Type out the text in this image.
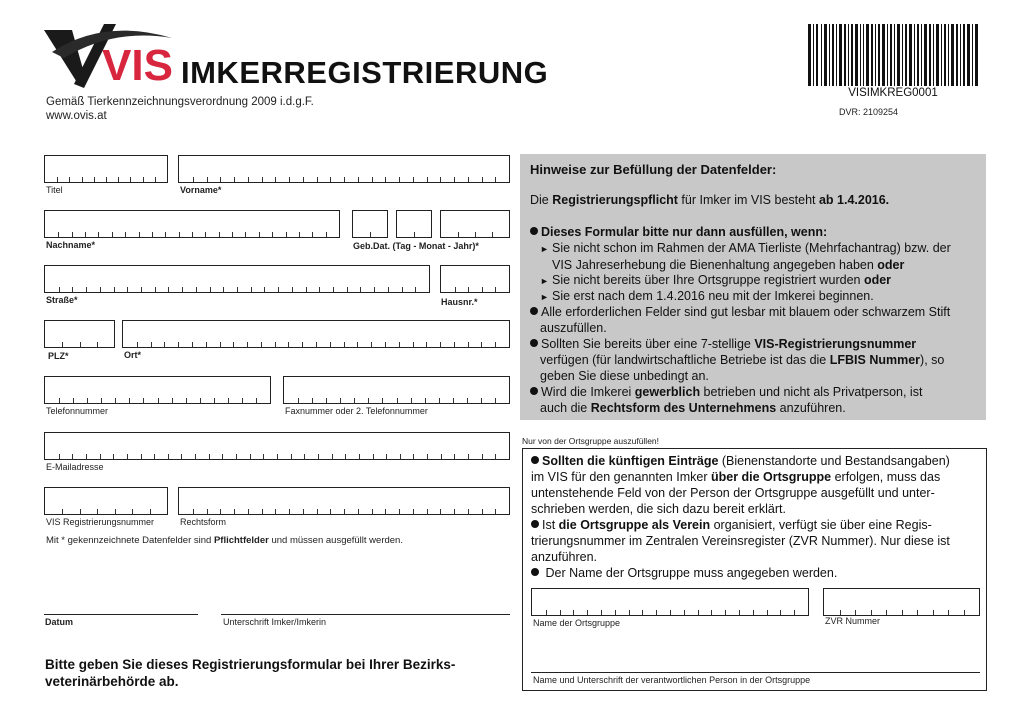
VIS IMKERREGISTRIERUNG
Gemäß Tierkennzeichnungsverordnung 2009 i.d.g.F.
www.ovis.at
VISIMKREG0001
DVR: 2109254
Titel	Vorname*
Nachname*	Geb.Dat. (Tag - Monat - Jahr)*
Straße*	Hausnr.*
PLZ*	Ort*
Telefonnummer	Faxnummer oder 2. Telefonnummer
E-Mailadresse
VIS Registrierungsnummer	Rechtsform
Mit * gekennzeichnete Datenfelder sind Pflichtfelder und müssen ausgefüllt werden.
Datum	Unterschrift Imker/Imkerin
Bitte geben Sie dieses Registrierungsformular bei Ihrer Bezirks-veterinärbehörde ab.
Hinweise zur Befüllung der Datenfelder:
Die Registrierungspflicht für Imker im VIS besteht ab 1.4.2016.
Dieses Formular bitte nur dann ausfüllen, wenn:
► Sie nicht schon im Rahmen der AMA Tierliste (Mehrfachantrag) bzw. der
VIS Jahreserhebung die Bienenhaltung angegeben haben oder
► Sie nicht bereits über Ihre Ortsgruppe registriert wurden oder
► Sie erst nach dem 1.4.2016 neu mit der Imkerei beginnen.
Alle erforderlichen Felder sind gut lesbar mit blauem oder schwarzem Stift
auszufüllen.
Sollten Sie bereits über eine 7-stellige VIS-Registrierungsnummer
verfügen (für landwirtschaftliche Betriebe ist das die LFBIS Nummer), so
geben Sie diese unbedingt an.
Wird die Imkerei gewerblich betrieben und nicht als Privatperson, ist
auch die Rechtsform des Unternehmens anzuführen.
Nur von der Ortsgruppe auszufüllen!
Sollten die künftigen Einträge (Bienenstandorte und Bestandsangaben)
im VIS für den genannten Imker über die Ortsgruppe erfolgen, muss das
untenstehende Feld von der Person der Ortsgruppe ausgefüllt und unter-
schrieben werden, die sich dazu bereit erklärt.
Ist die Ortsgruppe als Verein organisiert, verfügt sie über eine Regis-
trierungsnummer im Zentralen Vereinsregister (ZVR Nummer). Nur diese ist
anzuführen.
Der Name der Ortsgruppe muss angegeben werden.
Name der Ortsgruppe	ZVR Nummer
Name und Unterschrift der verantwortlichen Person in der Ortsgruppe
